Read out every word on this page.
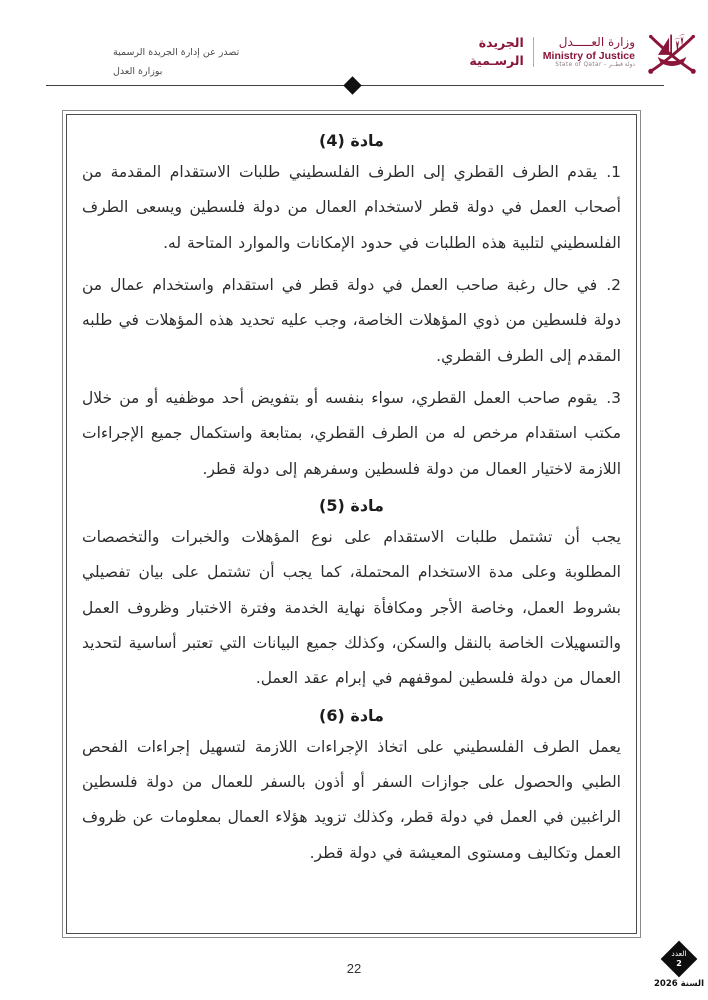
تصدر عن إدارة الجريدة الرسمية
بوزارة العدل
الجريدة
الرسـمية
وزارة العـــــدل
Ministry of Justice
State of Qatar - دولة قطــر
مادة (4)

1.يقدم الطرف القطري إلى الطرف الفلسطيني طلبات الاستقدام المقدمة من أصحاب العمل في دولة قطر لاستخدام العمال من دولة فلسطين ويسعى الطرف الفلسطيني لتلبية هذه الطلبات في حدود الإمكانات والموارد المتاحة له.

2.في حال رغبة صاحب العمل في دولة قطر في استقدام واستخدام عمال من دولة فلسطين من ذوي المؤهلات الخاصة، وجب عليه تحديد هذه المؤهلات في طلبه المقدم إلى الطرف القطري.

3.يقوم صاحب العمل القطري، سواء بنفسه أو بتفويض أحد موظفيه أو من خلال مكتب استقدام مرخص له من الطرف القطري، بمتابعة واستكمال جميع الإجراءات اللازمة لاختيار العمال من دولة فلسطين وسفرهم إلى دولة قطر.

مادة (5)

يجب أن تشتمل طلبات الاستقدام على نوع المؤهلات والخبرات والتخصصات المطلوبة وعلى مدة الاستخدام المحتملة، كما يجب أن تشتمل على بيان تفصيلي بشروط العمل، وخاصة الأجر ومكافأة نهاية الخدمة وفترة الاختبار وظروف العمل والتسهيلات الخاصة بالنقل والسكن، وكذلك جميع البيانات التي تعتبر أساسية لتحديد العمال من دولة فلسطين لموقفهم في إبرام عقد العمل.

مادة (6)

يعمل الطرف الفلسطيني على اتخاذ الإجراءات اللازمة لتسهيل إجراءات الفحص الطبي والحصول على جوازات السفر أو أذون بالسفر للعمال من دولة فلسطين الراغبين في العمل في دولة قطر، وكذلك تزويد هؤلاء العمال بمعلومات عن ظروف العمل وتكاليف ومستوى المعيشة في دولة قطر.

22
العدد
2
السنة 2026
